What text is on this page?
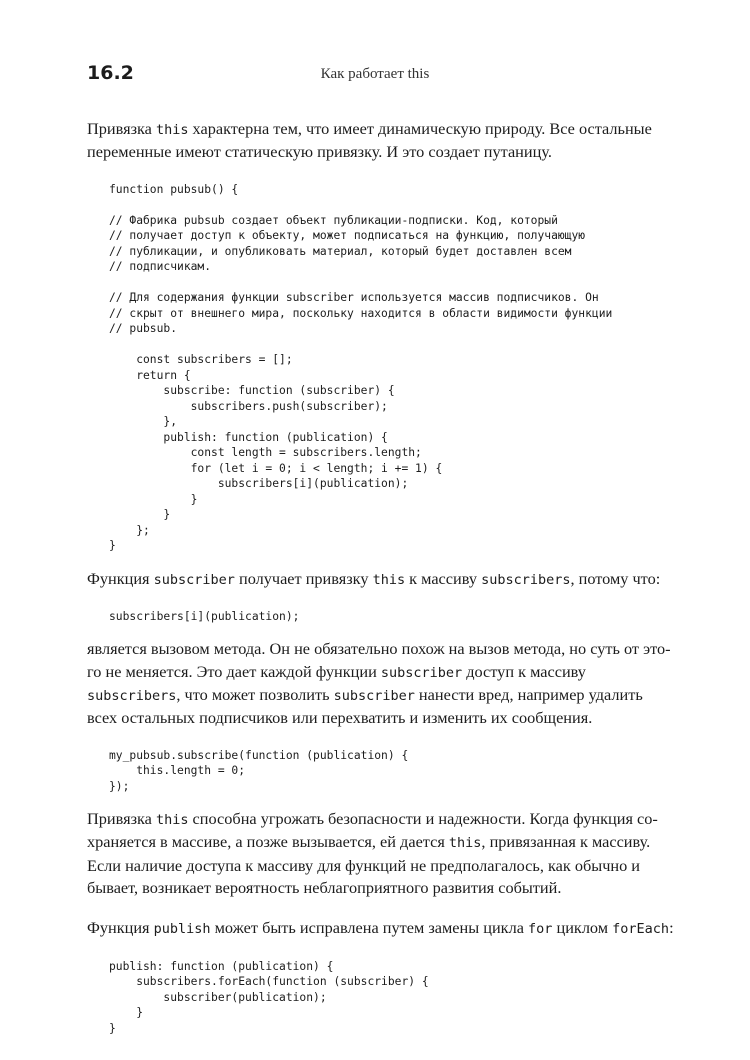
16.2	Как работает this

Привязка this характерна тем, что имеет динамическую природу. Все остальные переменные имеют статическую привязку. И это создает путаницу.

function pubsub() {

// Фабрика pubsub создает объект публикации-подписки. Код, который
// получает доступ к объекту, может подписаться на функцию, получающую
// публикации, и опубликовать материал, который будет доставлен всем
// подписчикам.

// Для содержания функции subscriber используется массив подписчиков. Он
// скрыт от внешнего мира, поскольку находится в области видимости функции
// pubsub.

const subscribers = [];
return {
subscribe: function (subscriber) {
subscribers.push(subscriber);
},
publish: function (publication) {
const length = subscribers.length;
for (let i = 0; i < length; i += 1) {
subscribers[i](publication);
}
}
};
}

Функция subscriber получает привязку this к массиву subscribers, потому что:

subscribers[i](publication);

является вызовом метода. Он не обязательно похож на вызов метода, но суть от это-го не меняется. Это дает каждой функции subscriber доступ к массиву subscribers, что может позволить subscriber нанести вред, например удалить всех остальных подписчиков или перехватить и изменить их сообщения.

my_pubsub.subscribe(function (publication) {
this.length = 0;
});

Привязка this способна угрожать безопасности и надежности. Когда функция со-храняется в массиве, а позже вызывается, ей дается this, привязанная к массиву. Если наличие доступа к массиву для функций не предполагалось, как обычно и бывает, возникает вероятность неблагоприятного развития событий.

Функция publish может быть исправлена путем замены цикла for циклом forEach:

publish: function (publication) {
subscribers.forEach(function (subscriber) {
subscriber(publication);
}
}
